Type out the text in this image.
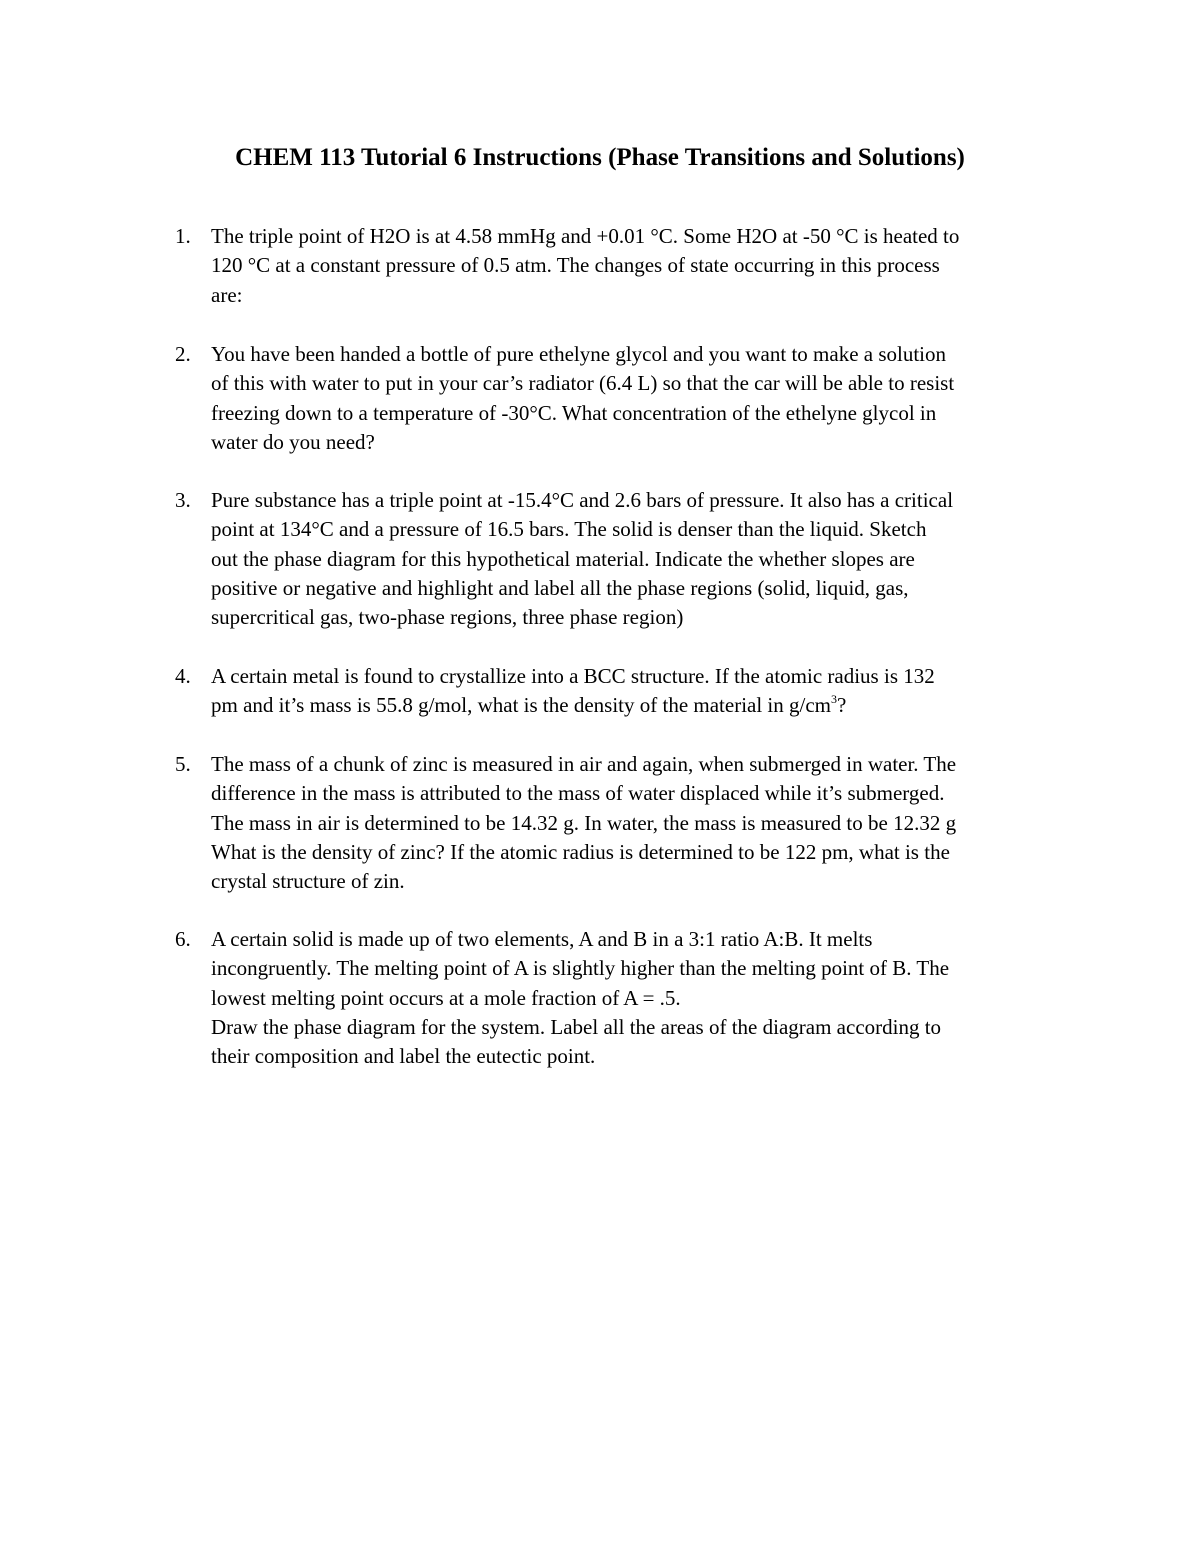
CHEM 113 Tutorial 6 Instructions (Phase Transitions and Solutions)
1. The triple point of H2O is at 4.58 mmHg and +0.01 °C. Some H2O at -50 °C is heated to
120 °C at a constant pressure of 0.5 atm. The changes of state occurring in this process
are:
2. You have been handed a bottle of pure ethelyne glycol and you want to make a solution
of this with water to put in your car’s radiator (6.4 L) so that the car will be able to resist
freezing down to a temperature of -30°C. What concentration of the ethelyne glycol in
water do you need?
3. Pure substance has a triple point at -15.4°C and 2.6 bars of pressure. It also has a critical
point at 134°C and a pressure of 16.5 bars. The solid is denser than the liquid. Sketch
out the phase diagram for this hypothetical material. Indicate the whether slopes are
positive or negative and highlight and label all the phase regions (solid, liquid, gas,
supercritical gas, two-phase regions, three phase region)
4. A certain metal is found to crystallize into a BCC structure. If the atomic radius is 132
pm and it’s mass is 55.8 g/mol, what is the density of the material in $g/cm^3$?
5. The mass of a chunk of zinc is measured in air and again, when submerged in water. The
difference in the mass is attributed to the mass of water displaced while it’s submerged.
The mass in air is determined to be 14.32 g. In water, the mass is measured to be 12.32 g
What is the density of zinc? If the atomic radius is determined to be 122 pm, what is the
crystal structure of zin.
6. A certain solid is made up of two elements, A and B in a 3:1 ratio A:B. It melts
incongruently. The melting point of A is slightly higher than the melting point of B. The
lowest melting point occurs at a mole fraction of A = .5.
Draw the phase diagram for the system. Label all the areas of the diagram according to
their composition and label the eutectic point.
